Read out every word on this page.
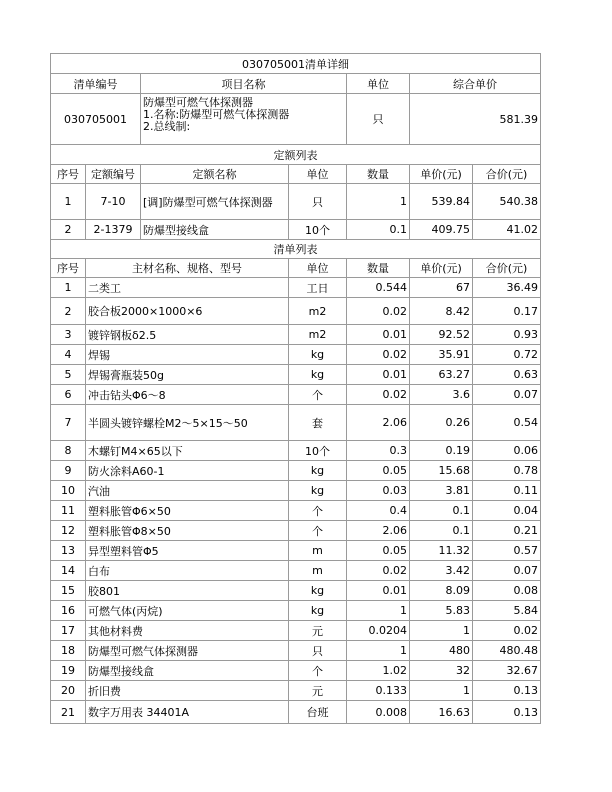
030705001清单详细						
清单编号		项目名称		单位	综合单价	
030705001		防爆型可燃气体探测器
1.名称:防爆型可燃气体探测器
2.总线制:		只	581.39	
定额列表						
序号	定额编号	定额名称	单位	数量	单价(元)	合价(元)
1	7-10	[调]防爆型可燃气体探测器	只	1	539.84	540.38
2	2-1379	防爆型接线盒	10个	0.1	409.75	41.02
清单列表						
序号	主材名称、规格、型号		单位	数量	单价(元)	合价(元)
1	二类工		工日	0.544	67	36.49
2	胶合板2000×1000×6		m2	0.02	8.42	0.17
3	镀锌钢板δ2.5		m2	0.01	92.52	0.93
4	焊锡		kg	0.02	35.91	0.72
5	焊锡膏瓶装50g		kg	0.01	63.27	0.63
6	冲击钻头Φ6～8		个	0.02	3.6	0.07
7	半圆头镀锌螺栓M2～5×15～50		套	2.06	0.26	0.54
8	木螺钉M4×65以下		10个	0.3	0.19	0.06
9	防火涂料A60-1		kg	0.05	15.68	0.78
10	汽油		kg	0.03	3.81	0.11
11	塑料胀管Φ6×50		个	0.4	0.1	0.04
12	塑料胀管Φ8×50		个	2.06	0.1	0.21
13	异型塑料管Φ5		m	0.05	11.32	0.57
14	白布		m	0.02	3.42	0.07
15	胶801		kg	0.01	8.09	0.08
16	可燃气体(丙烷)		kg	1	5.83	5.84
17	其他材料费		元	0.0204	1	0.02
18	防爆型可燃气体探测器		只	1	480	480.48
19	防爆型接线盒		个	1.02	32	32.67
20	折旧费		元	0.133	1	0.13
21	数字万用表 34401A		台班	0.008	16.63	0.13
